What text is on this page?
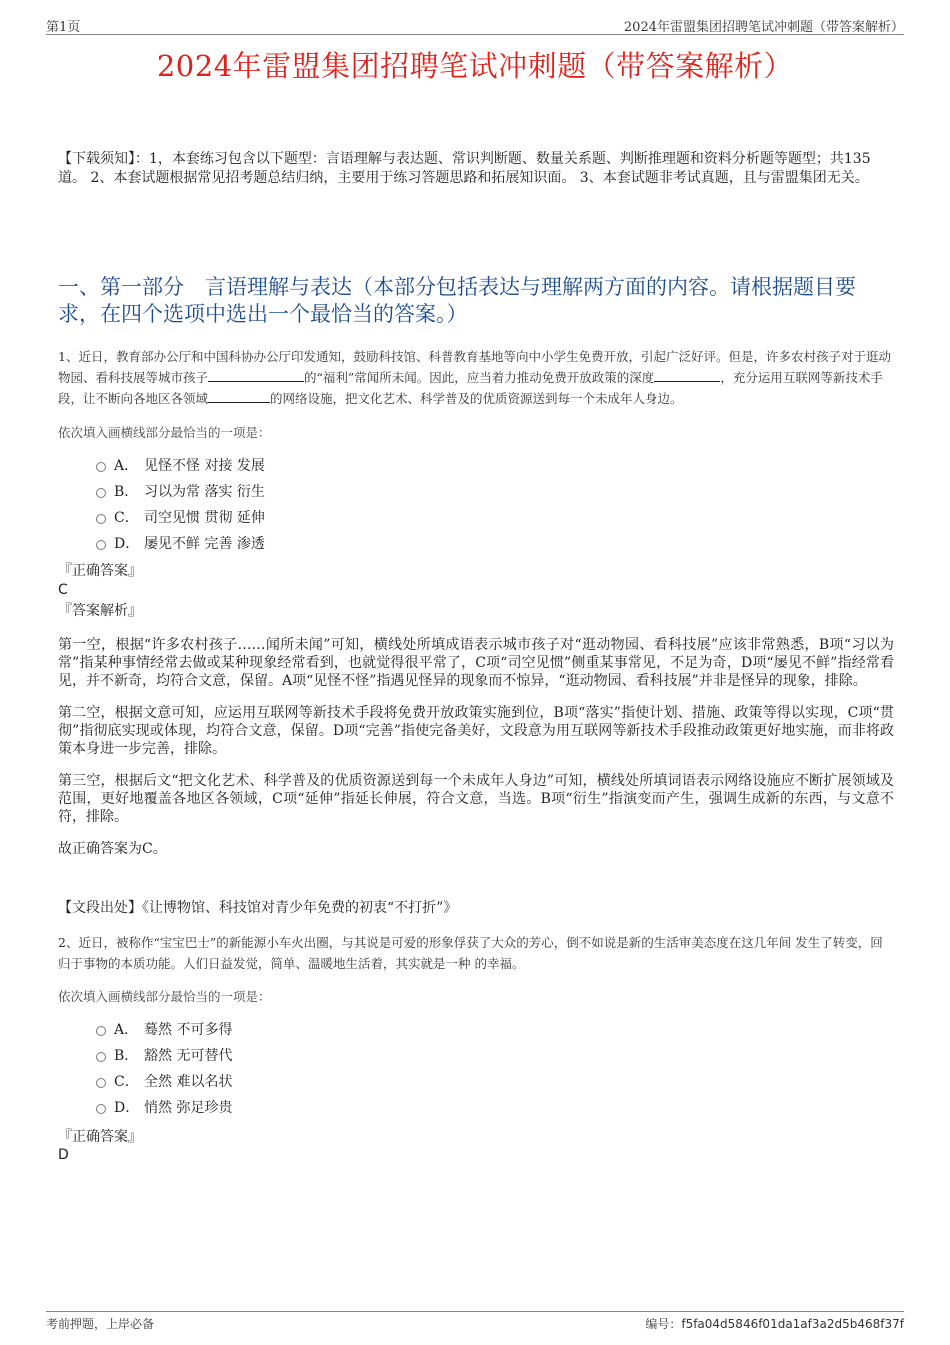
第1页	2024年雷盟集团招聘笔试冲刺题（带答案解析）
2024年雷盟集团招聘笔试冲刺题（带答案解析）
【下载须知】：1，本套练习包含以下题型：言语理解与表达题、常识判断题、数量关系题、判断推理题和资料分析题等题型；共135道。 2、本套试题根据常见招考题总结归纳，主要用于练习答题思路和拓展知识面。 3、本套试题非考试真题，且与雷盟集团无关。
一、第一部分　言语理解与表达（本部分包括表达与理解两方面的内容。请根据题目要求，在四个选项中选出一个最恰当的答案。）

1、近日，教育部办公厅和中国科协办公厅印发通知，鼓励科技馆、科普教育基地等向中小学生免费开放，引起广泛好评。但是，许多农村孩子对于逛动物园、看科技展等城市孩子	的“福利”常闻所未闻。因此，应当着力推动免费开放政策的深度	，充分运用互联网等新技术手段，让不断向各地区各领域	的网络设施，把文化艺术、科学普及的优质资源送到每一个未成年人身边。

依次填入画横线部分最恰当的一项是：
A． 见怪不怪 对接 发展
B． 习以为常 落实 衍生
C． 司空见惯 贯彻 延伸
D． 屡见不鲜 完善 渗透
『正确答案』
C
『答案解析』

第一空，根据“许多农村孩子……闻所未闻”可知，横线处所填成语表示城市孩子对“逛动物园、看科技展”应该非常熟悉，B项“习以为常”指某种事情经常去做或某种现象经常看到，也就觉得很平常了，C项“司空见惯”侧重某事常见，不足为奇，D项“屡见不鲜”指经常看见，并不新奇，均符合文意，保留。A项“见怪不怪”指遇见怪异的现象而不惊异，“逛动物园、看科技展”并非是怪异的现象，排除。

第二空，根据文意可知，应运用互联网等新技术手段将免费开放政策实施到位，B项“落实”指使计划、措施、政策等得以实现，C项“贯彻”指彻底实现或体现，均符合文意，保留。D项“完善”指使完备美好，文段意为用互联网等新技术手段推动政策更好地实施，而非将政策本身进一步完善，排除。

第三空，根据后文“把文化艺术、科学普及的优质资源送到每一个未成年人身边”可知，横线处所填词语表示网络设施应不断扩展领域及范围，更好地覆盖各地区各领域，C项“延伸”指延长伸展，符合文意，当选。B项“衍生”指演变而产生，强调生成新的东西，与文意不符，排除。

故正确答案为C。

【文段出处】《让博物馆、科技馆对青少年免费的初衷“不打折”》

2、近日，被称作“宝宝巴士”的新能源小车火出圈，与其说是可爱的形象俘获了大众的芳心，倒不如说是新的生活审美态度在这几年间 发生了转变，回归于事物的本质功能。人们日益发觉，简单、温暖地生活着，其实就是一种 的幸福。

依次填入画横线部分最恰当的一项是：
A． 蓦然 不可多得
B． 豁然 无可替代
C． 全然 难以名状
D． 悄然 弥足珍贵
『正确答案』
D
考前押题，上岸必备	编号：f5fa04d5846f01da1af3a2d5b468f37f
